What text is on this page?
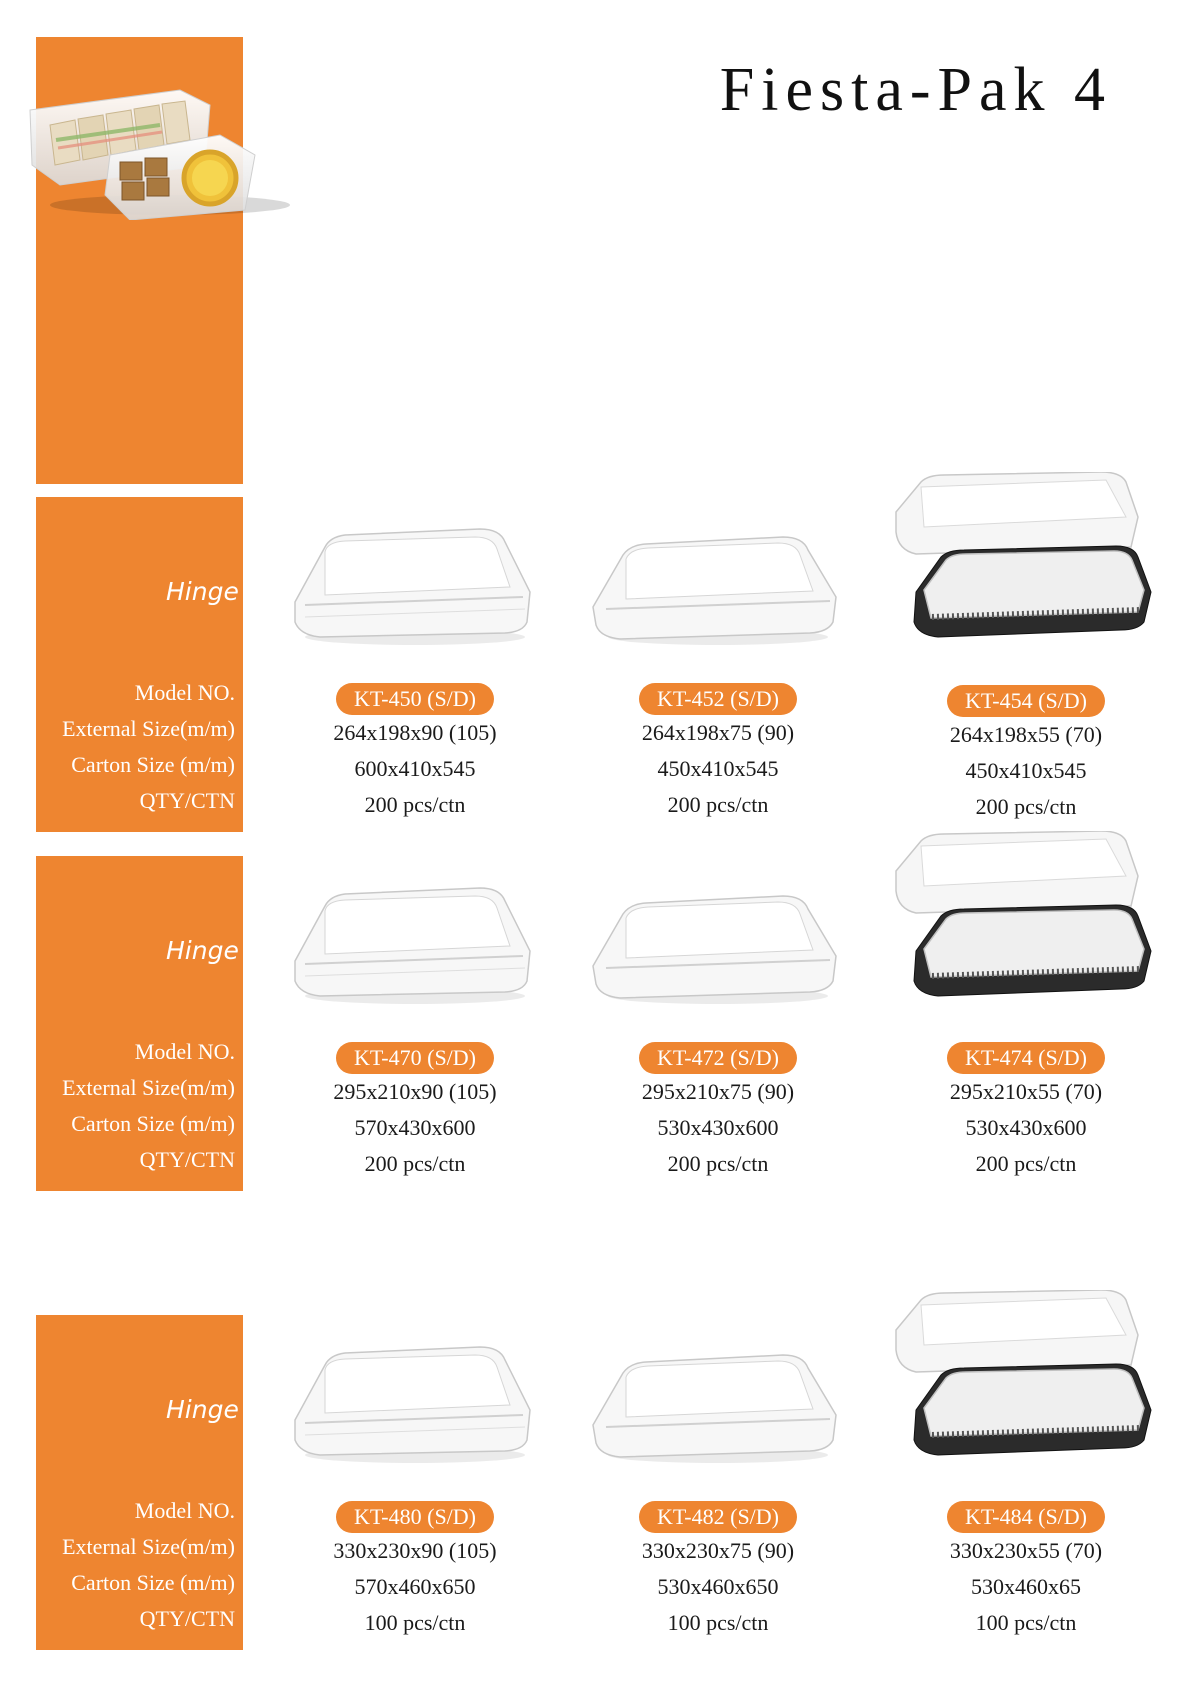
Fiesta-Pak 4
Hinge
Model NO.
External Size(m/m)
Carton Size (m/m)
QTY/CTN
KT-450 (S/D)
264x198x90 (105)
600x410x545
200 pcs/ctn
KT-452 (S/D)
264x198x75 (90)
450x410x545
200 pcs/ctn
KT-454 (S/D)
264x198x55 (70)
450x410x545
200 pcs/ctn
Hinge
Model NO.
External Size(m/m)
Carton Size (m/m)
QTY/CTN
KT-470 (S/D)
295x210x90 (105)
570x430x600
200 pcs/ctn
KT-472 (S/D)
295x210x75 (90)
530x430x600
200 pcs/ctn
KT-474 (S/D)
295x210x55 (70)
530x430x600
200 pcs/ctn
Hinge
Model NO.
External Size(m/m)
Carton Size (m/m)
QTY/CTN
KT-480 (S/D)
330x230x90 (105)
570x460x650
100 pcs/ctn
KT-482 (S/D)
330x230x75 (90)
530x460x650
100 pcs/ctn
KT-484 (S/D)
330x230x55 (70)
530x460x65
100 pcs/ctn
